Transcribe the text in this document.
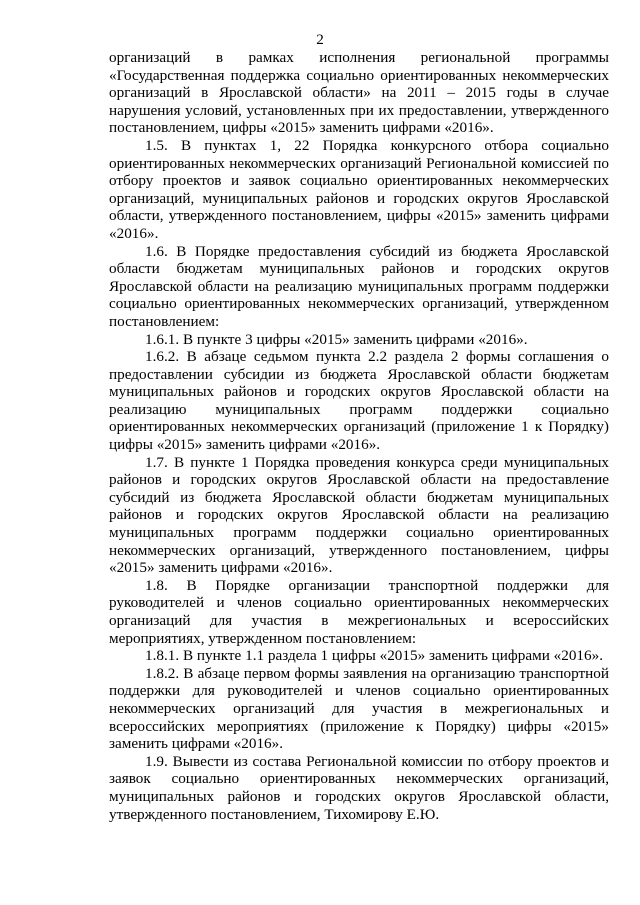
2

организаций в рамках исполнения региональной программы «Государственная поддержка социально ориентированных некоммерческих организаций в Ярославской области» на 2011 – 2015 годы в случае нарушения условий, установленных при их предоставлении, утвержденного постановлением, цифры «2015» заменить цифрами «2016».

1.5. В пунктах 1, 22 Порядка конкурсного отбора социально ориентированных некоммерческих организаций Региональной комиссией по отбору проектов и заявок социально ориентированных некоммерческих организаций, муниципальных районов и городских округов Ярославской области, утвержденного постановлением, цифры «2015» заменить цифрами «2016».

1.6. В Порядке предоставления субсидий из бюджета Ярославской области бюджетам муниципальных районов и городских округов Ярославской области на реализацию муниципальных программ поддержки социально ориентированных некоммерческих организаций, утвержденном постановлением:

1.6.1. В пункте 3 цифры «2015» заменить цифрами «2016».

1.6.2. В абзаце седьмом пункта 2.2 раздела 2 формы соглашения о предоставлении субсидии из бюджета Ярославской области бюджетам муниципальных районов и городских округов Ярославской области на реализацию муниципальных программ поддержки социально ориентированных некоммерческих организаций (приложение 1 к Порядку) цифры «2015» заменить цифрами «2016».

1.7. В пункте 1 Порядка проведения конкурса среди муниципальных районов и городских округов Ярославской области на предоставление субсидий из бюджета Ярославской области бюджетам муниципальных районов и городских округов Ярославской области на реализацию муниципальных программ поддержки социально ориентированных некоммерческих организаций, утвержденного постановлением, цифры «2015» заменить цифрами «2016».

1.8. В Порядке организации транспортной поддержки для руководителей и членов социально ориентированных некоммерческих организаций для участия в межрегиональных и всероссийских мероприятиях, утвержденном постановлением:

1.8.1. В пункте 1.1 раздела 1 цифры «2015» заменить цифрами «2016».

1.8.2. В абзаце первом формы заявления на организацию транспортной поддержки для руководителей и членов социально ориентированных некоммерческих организаций для участия в межрегиональных и всероссийских мероприятиях (приложение к Порядку) цифры «2015» заменить цифрами «2016».

1.9. Вывести из состава Региональной комиссии по отбору проектов и заявок социально ориентированных некоммерческих организаций, муниципальных районов и городских округов Ярославской области, утвержденного постановлением, Тихомирову Е.Ю.
